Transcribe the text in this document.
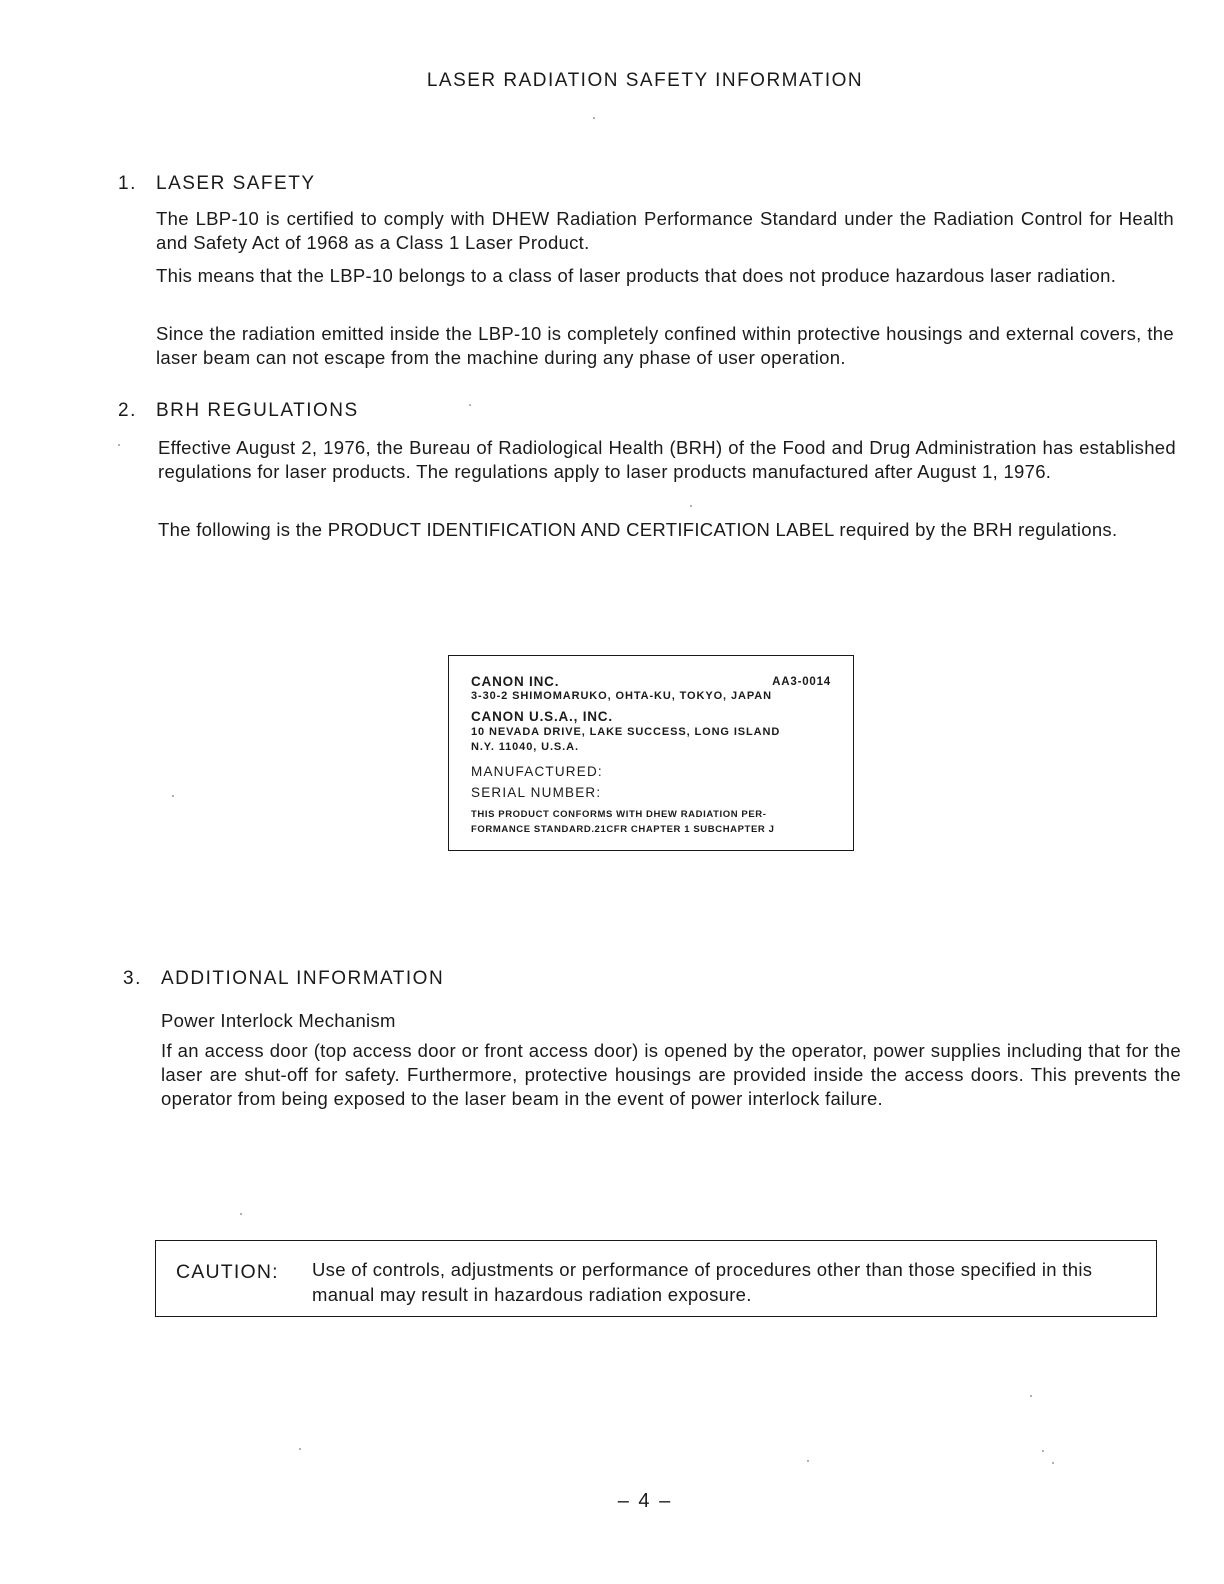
LASER RADIATION SAFETY INFORMATION
1. LASER SAFETY

The LBP-10 is certified to comply with DHEW Radiation Performance Standard under the Radiation Control for Health and Safety Act of 1968 as a Class 1 Laser Product.

This means that the LBP-10 belongs to a class of laser products that does not produce hazardous laser radiation.

Since the radiation emitted inside the LBP-10 is completely confined within protective housings and external covers, the laser beam can not escape from the machine during any phase of user operation.

2. BRH REGULATIONS

Effective August 2, 1976, the Bureau of Radiological Health (BRH) of the Food and Drug Administration has established regulations for laser products. The regulations apply to laser products manufactured after August 1, 1976.

The following is the PRODUCT IDENTIFICATION AND CERTIFICATION LABEL required by the BRH regulations.

CANON INC.	AA3-0014
3-30-2 SHIMOMARUKO, OHTA-KU, TOKYO, JAPAN
CANON U.S.A., INC.
10 NEVADA DRIVE, LAKE SUCCESS, LONG ISLAND
N.Y. 11040, U.S.A.
MANUFACTURED:
SERIAL NUMBER:
THIS PRODUCT CONFORMS WITH DHEW RADIATION PER-
FORMANCE STANDARD.21CFR CHAPTER 1 SUBCHAPTER J
3. ADDITIONAL INFORMATION
Power Interlock Mechanism

If an access door (top access door or front access door) is opened by the operator, power supplies including that for the laser are shut-off for safety. Furthermore, protective housings are provided inside the access doors. This prevents the operator from being exposed to the laser beam in the event of power interlock failure.

CAUTION: Use of controls, adjustments or performance of procedures other than those specified in this manual may result in hazardous radiation exposure.
– 4 –
